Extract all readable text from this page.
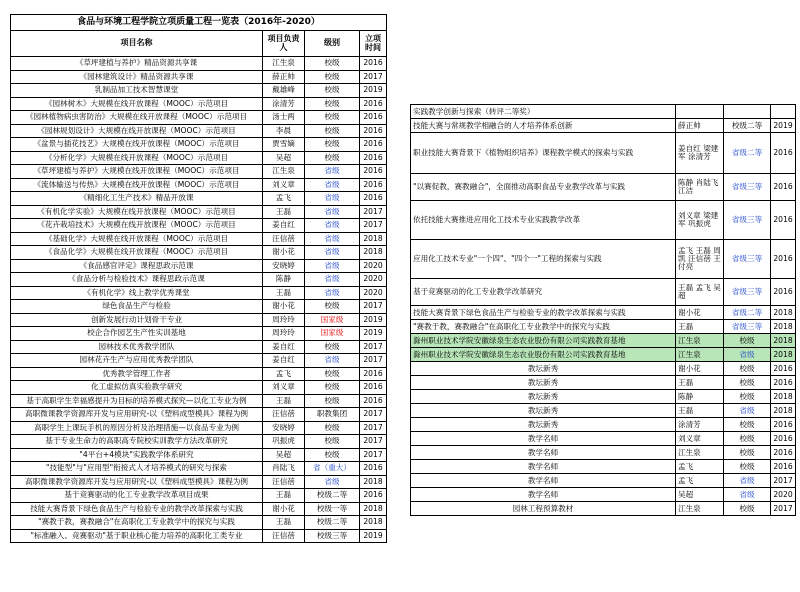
食品与环境工程学院立项质量工程一览表（2016年-2020）			
项目名称	项目负责人	级别	立项时间
《草坪建植与养护》精品资源共享课	江生泉	校级	2016
《园林建筑设计》精品资源共享课	薛正帅	校级	2017
乳制品加工技术智慧课堂	戴雄峰	校级	2019
《园林树木》大规模在线开放课程（MOOC）示范项目	涂清芳	校级	2016
《园林植物病虫害防治》大规模在线开放课程（MOOC）示范项目	汤士两	校级	2016
《园林规划设计》大规模在线开放课程（MOOC）示范项目	李晨	校级	2016
《盆景与插花技艺》大规模在线开放课程（MOOC）示范项目	贾雪嫡	校级	2016
《分析化学》大规模在线开放课程（MOOC）示范项目	吴超	校级	2016
《草坪建植与养护》大规模在线开放课程（MOOC）示范项目	江生泉	省级	2016
《流体输送与传热》大规模在线开放课程（MOOC）示范项目	刘义章	省级	2016
《精细化工生产技术》精品开放课	孟飞	省级	2016
《有机化学实验》大规模在线开放课程（MOOC）示范项目	王磊	省级	2017
《花卉栽培技术》大规模在线开放课程（MOOC）示范项目	姜自红	省级	2017
《基础化学》大规模在线开放课程（MOOC）示范项目	汪信蓓	省级	2018
《食品化学》大规模在线开放课程（MOOC）示范项目	谢小花	省级	2018
《食品感官评定》课程思政示范课	安晓婷	省级	2020
《食品分析与检验技术》课程思政示范课	陈静	省级	2020
《有机化学》线上教学优秀课堂	王磊	省级	2020
绿色食品生产与检验	谢小花	校级	2017
创新发展行动计划骨干专业	周玲玲	国家级	2019
校企合作园艺生产性实训基地	周玲玲	国家级	2019
园林技术优秀教学团队	姜自红	校级	2017
园林花卉生产与应用优秀教学团队	姜自红	省级	2017
优秀教学管理工作者	孟飞	校级	2016
化工虚拟仿真实验教学研究	刘义章	校级	2016
基于高职学生幸福感提升为目标的培养模式探究—以化工专业为例	王磊	校级	2016
高职微课教学资源库开发与应用研究-以《塑料成型模具》课程为例	汪信蓓	职教集团	2017
高职学生上课玩手机的原因分析及治理措施—以食品专业为例	安晓婷	校级	2017
基于专业生命力的高职高专院校实训教学方法改革研究	巩振虎	校级	2017
"4平台+4模块"实践教学体系研究	吴超	校级	2017
"技能型"与"应用型"衔接式人才培养模式的研究与探索	肖陆飞	省（重大）	2016
高职微课教学资源库开发与应用研究-以《塑料成型模具》课程为例	汪信蓓	省级	2018
基于竞赛驱动的化工专业教学改革项目成果	王磊	校级二等	2016
技能大赛背景下绿色食品生产与检验专业的教学改革探索与实践	谢小花	校级一等	2018
"赛教于教，赛教融合"在高职化工专业教学中的探究与实践	王磊	校级二等	2018
"标准融入、竞赛驱动"基于职业核心能力培养的高职化工类专业	汪信蓓	校级三等	2019
实践教学创新与探索（转评二等奖）			
技能大赛与常规教学相融合的人才培养体系创新	薛正帅	校级二等	2019
职业技能大赛背景下《植物组织培养》课程教学模式的探索与实践	姜自红 梁建军 涂清芳	省级二等	2016
"以赛促教，赛教融合"，全面推动高职食品专业教学改革与实践	陈静 肖陆飞 江洁	省级三等	2016
依托技能大赛推进应用化工技术专业实践教学改革	刘义章 梁建军 巩振虎	省级三等	2016
应用化工技术专业"一个四"、"四个一"工程的探索与实践	孟飞 王磊 周凯 汪信蓓 王付亮	省级三等	2016
基于竞赛驱动的化工专业教学改革研究	王磊 孟飞 吴超	省级三等	2016
技能大赛背景下绿色食品生产与检验专业的教学改革探索与实践	谢小花	省级二等	2018
"赛教于教，赛教融合"在高职化工专业教学中的探究与实践	王磊	省级三等	2018
滁州职业技术学院安徽绿泉生态农业股份有限公司实践教育基地	江生泉	校级	2018
滁州职业技术学院安徽绿泉生态农业股份有限公司实践教育基地	江生泉	省级	2018
教坛新秀	谢小花	校级	2016
教坛新秀	王磊	校级	2016
教坛新秀	陈静	校级	2018
教坛新秀	王磊	省级	2018
教坛新秀	涂清芳	校级	2016
教学名师	刘义章	校级	2016
教学名师	江生泉	校级	2016
教学名师	孟飞	校级	2016
教学名师	孟飞	省级	2017
教学名师	吴超	省级	2020
园林工程预算教材	江生泉	校级	2017
